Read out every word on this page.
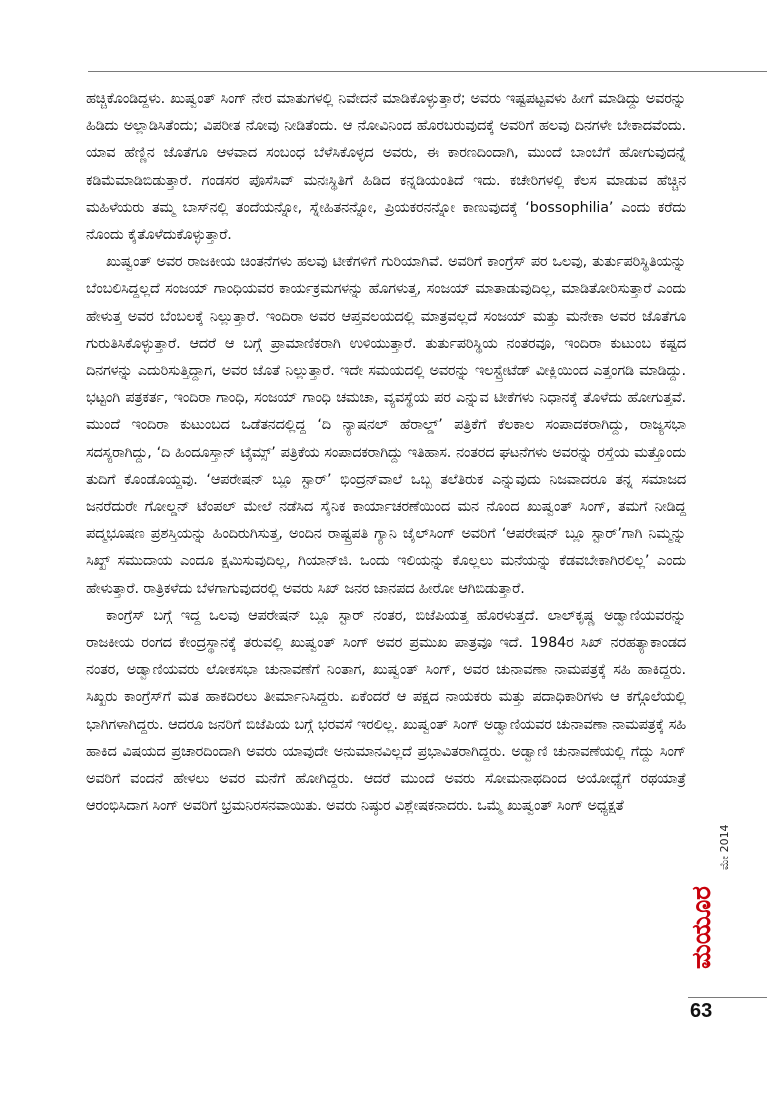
ಹಚ್ಚಿಕೊಂಡಿದ್ದಳು. ಖುಷ್ವಂತ್ ಸಿಂಗ್ ನೇರ ಮಾತುಗಳಲ್ಲಿ ನಿವೇದನೆ ಮಾಡಿಕೊಳ್ಳುತ್ತಾರೆ; ಅವರು ಇಷ್ಟಪಟ್ಟವಳು ಹೀಗೆ ಮಾಡಿದ್ದು ಅವರನ್ನು ಹಿಡಿದು ಅಲ್ಲಾಡಿಸಿತೆಂದು; ವಿಪರೀತ ನೋವು ನೀಡಿತೆಂದು. ಆ ನೋವಿನಿಂದ ಹೊರಬರುವುದಕ್ಕೆ ಅವರಿಗೆ ಹಲವು ದಿನಗಳೇ ಬೇಕಾದವೆಂದು. ಯಾವ ಹೆಣ್ಣಿನ ಜೊತೆಗೂ ಆಳವಾದ ಸಂಬಂಧ ಬೆಳೆಸಿಕೊಳ್ಳದ ಅವರು, ಈ ಕಾರಣದಿಂದಾಗಿ, ಮುಂದೆ ಬಾಂಬೆಗೆ ಹೋಗುವುದನ್ನೆ ಕಡಿಮೆಮಾಡಿಬಿಡುತ್ತಾರೆ. ಗಂಡಸರ ಪೊಸೆಸಿವ್ ಮನಃಸ್ಥಿತಿಗೆ ಹಿಡಿದ ಕನ್ನಡಿಯಂತಿದೆ ಇದು. ಕಚೇರಿಗಳಲ್ಲಿ ಕೆಲಸ ಮಾಡುವ ಹೆಚ್ಚಿನ ಮಹಿಳೆಯರು ತಮ್ಮ ಬಾಸ್‌ನಲ್ಲಿ ತಂದೆಯನ್ನೋ, ಸ್ನೇಹಿತನನ್ನೋ, ಪ್ರಿಯಕರನನ್ನೋ ಕಾಣುವುದಕ್ಕೆ ‘bossophilia’ ಎಂದು ಕರೆದು ನೊಂದು ಕೈತೊಳೆದುಕೊಳ್ಳುತ್ತಾರೆ.

ಖುಷ್ವಂತ್ ಅವರ ರಾಜಕೀಯ ಚಿಂತನೆಗಳು ಹಲವು ಟೀಕೆಗಳಿಗೆ ಗುರಿಯಾಗಿವೆ. ಅವರಿಗೆ ಕಾಂಗ್ರೆಸ್ ಪರ ಒಲವು, ತುರ್ತುಪರಿಸ್ಥಿತಿಯನ್ನು ಬೆಂಬಲಿಸಿದ್ದಲ್ಲದೆ ಸಂಜಯ್ ಗಾಂಧಿಯವರ ಕಾರ್ಯಕ್ರಮಗಳನ್ನು ಹೊಗಳುತ್ತ, ಸಂಜಯ್ ಮಾತಾಡುವುದಿಲ್ಲ, ಮಾಡಿತೋರಿಸುತ್ತಾರೆ ಎಂದು ಹೇಳುತ್ತ ಅವರ ಬೆಂಬಲಕ್ಕೆ ನಿಲ್ಲುತ್ತಾರೆ. ಇಂದಿರಾ ಅವರ ಆಪ್ತವಲಯದಲ್ಲಿ ಮಾತ್ರವಲ್ಲದೆ ಸಂಜಯ್ ಮತ್ತು ಮನೇಕಾ ಅವರ ಜೊತೆಗೂ ಗುರುತಿಸಿಕೊಳ್ಳುತ್ತಾರೆ. ಆದರೆ ಆ ಬಗ್ಗೆ ಪ್ರಾಮಾಣಿಕರಾಗಿ ಉಳಿಯುತ್ತಾರೆ. ತುರ್ತುಪರಿಸ್ಥಿಯ ನಂತರವೂ, ಇಂದಿರಾ ಕುಟುಂಬ ಕಷ್ಟದ ದಿನಗಳನ್ನು ಎದುರಿಸುತ್ತಿದ್ದಾಗ, ಅವರ ಜೊತೆ ನಿಲ್ಲುತ್ತಾರೆ. ಇದೇ ಸಮಯದಲ್ಲಿ ಅವರನ್ನು ಇಲಸ್ಟ್ರೇಟೆಡ್ ವೀಕ್ಲಿಯಿಂದ ಎತ್ತಂಗಡಿ ಮಾಡಿದ್ದು. ಭಟ್ಟಂಗಿ ಪತ್ರಕರ್ತ, ಇಂದಿರಾ ಗಾಂಧಿ, ಸಂಜಯ್ ಗಾಂಧಿ ಚಮಚಾ, ವ್ಯವಸ್ಥೆಯ ಪರ ಎನ್ನುವ ಟೀಕೆಗಳು ನಿಧಾನಕ್ಕೆ ತೊಳೆದು ಹೋಗುತ್ತವೆ. ಮುಂದೆ ಇಂದಿರಾ ಕುಟುಂಬದ ಒಡೆತನದಲ್ಲಿದ್ದ ‘ದಿ ನ್ಯಾಷನಲ್ ಹೆರಾಲ್ಡ್’ ಪತ್ರಿಕೆಗೆ ಕೆಲಕಾಲ ಸಂಪಾದಕರಾಗಿದ್ದು, ರಾಜ್ಯಸಭಾ ಸದಸ್ಯರಾಗಿದ್ದು, ‘ದಿ ಹಿಂದೂಸ್ತಾನ್ ಟೈಮ್ಸ್’ ಪತ್ರಿಕೆಯ ಸಂಪಾದಕರಾಗಿದ್ದು ಇತಿಹಾಸ. ನಂತರದ ಘಟನೆಗಳು ಅವರನ್ನು ರಸ್ತೆಯ ಮತ್ತೊಂದು ತುದಿಗೆ ಕೊಂಡೊಯ್ದವು. ‘ಆಪರೇಷನ್ ಬ್ಲೂ ಸ್ಟಾರ್’ ಭಿಂದ್ರನ್‌ವಾಲೆ ಒಬ್ಬ ತಲೆತಿರುಕ ಎನ್ನುವುದು ನಿಜವಾದರೂ ತನ್ನ ಸಮಾಜದ ಜನರೆದುರೇ ಗೋಲ್ಡನ್ ಟೆಂಪಲ್ ಮೇಲೆ ನಡೆಸಿದ ಸೈನಿಕ ಕಾರ್ಯಾಚರಣೆಯಿಂದ ಮನ ನೊಂದ ಖುಷ್ವಂತ್ ಸಿಂಗ್, ತಮಗೆ ನೀಡಿದ್ದ ಪದ್ಮಭೂಷಣ ಪ್ರಶಸ್ತಿಯನ್ನು ಹಿಂದಿರುಗಿಸುತ್ತ, ಅಂದಿನ ರಾಷ್ಟ್ರಪತಿ ಗ್ಯಾನಿ ಜೈಲ್‌ಸಿಂಗ್ ಅವರಿಗೆ ‘ಆಪರೇಷನ್ ಬ್ಲೂ ಸ್ಟಾರ್’ಗಾಗಿ ನಿಮ್ಮನ್ನು ಸಿಖ್ಖ್ ಸಮುದಾಯ ಎಂದೂ ಕ್ಷಮಿಸುವುದಿಲ್ಲ, ಗಿಯಾನ್‌ಜಿ. ಒಂದು ಇಲಿಯನ್ನು ಕೊಲ್ಲಲು ಮನೆಯನ್ನು ಕೆಡವಬೇಕಾಗಿರಲಿಲ್ಲ’ ಎಂದು ಹೇಳುತ್ತಾರೆ. ರಾತ್ರಿಕಳೆದು ಬೆಳಗಾಗುವುದರಲ್ಲಿ ಅವರು ಸಿಖ್ ಜನರ ಜಾನಪದ ಹೀರೋ ಆಗಿಬಿಡುತ್ತಾರೆ.

ಕಾಂಗ್ರೆಸ್ ಬಗ್ಗೆ ಇದ್ದ ಒಲವು ಆಪರೇಷನ್ ಬ್ಲೂ ಸ್ಟಾರ್ ನಂತರ, ಬಿಜೆಪಿಯತ್ತ ಹೊರಳುತ್ತದೆ. ಲಾಲ್‌ಕೃಷ್ಣ ಅಡ್ವಾಣಿಯವರನ್ನು ರಾಜಕೀಯ ರಂಗದ ಕೇಂದ್ರಸ್ಥಾನಕ್ಕೆ ತರುವಲ್ಲಿ ಖುಷ್ವಂತ್ ಸಿಂಗ್ ಅವರ ಪ್ರಮುಖ ಪಾತ್ರವೂ ಇದೆ. 1984ರ ಸಿಖ್ ನರಹತ್ಯಾಕಾಂಡದ ನಂತರ, ಅಡ್ವಾಣಿಯವರು ಲೋಕಸಭಾ ಚುನಾವಣೆಗೆ ನಿಂತಾಗ, ಖುಷ್ವಂತ್ ಸಿಂಗ್, ಅವರ ಚುನಾವಣಾ ನಾಮಪತ್ರಕ್ಕೆ ಸಹಿ ಹಾಕಿದ್ದರು. ಸಿಖ್ಖರು ಕಾಂಗ್ರೆಸ್‌ಗೆ ಮತ ಹಾಕದಿರಲು ತೀರ್ಮಾನಿಸಿದ್ದರು. ಏಕೆಂದರೆ ಆ ಪಕ್ಷದ ನಾಯಕರು ಮತ್ತು ಪದಾಧಿಕಾರಿಗಳು ಆ ಕಗ್ಗೊಲೆಯಲ್ಲಿ ಭಾಗಿಗಳಾಗಿದ್ದರು. ಆದರೂ ಜನರಿಗೆ ಬಿಜೆಪಿಯ ಬಗ್ಗೆ ಭರವಸೆ ಇರಲಿಲ್ಲ. ಖುಷ್ವಂತ್ ಸಿಂಗ್ ಅಡ್ವಾಣಿಯವರ ಚುನಾವಣಾ ನಾಮಪತ್ರಕ್ಕೆ ಸಹಿ ಹಾಕಿದ ವಿಷಯದ ಪ್ರಚಾರದಿಂದಾಗಿ ಅವರು ಯಾವುದೇ ಅನುಮಾನವಿಲ್ಲದೆ ಪ್ರಭಾವಿತರಾಗಿದ್ದರು. ಅಡ್ವಾಣಿ ಚುನಾವಣೆಯಲ್ಲಿ ಗೆದ್ದು ಸಿಂಗ್ ಅವರಿಗೆ ವಂದನೆ ಹೇಳಲು ಅವರ ಮನೆಗೆ ಹೋಗಿದ್ದರು. ಆದರೆ ಮುಂದೆ ಅವರು ಸೋಮನಾಥದಿಂದ ಅಯೋಧ್ಯೆಗೆ ರಥಯಾತ್ರೆ ಆರಂಭಿಸಿದಾಗ ಸಿಂಗ್ ಅವರಿಗೆ ಭ್ರಮನಿರಸನವಾಯಿತು. ಅವರು ನಿಷ್ಠುರ ವಿಶ್ಲೇಷಕನಾದರು. ಒಮ್ಮೆ ಖುಷ್ವಂತ್ ಸಿಂಗ್ ಅಧ್ಯಕ್ಷತೆ

ಮೇ 2014
ಮಯೂರ
63
